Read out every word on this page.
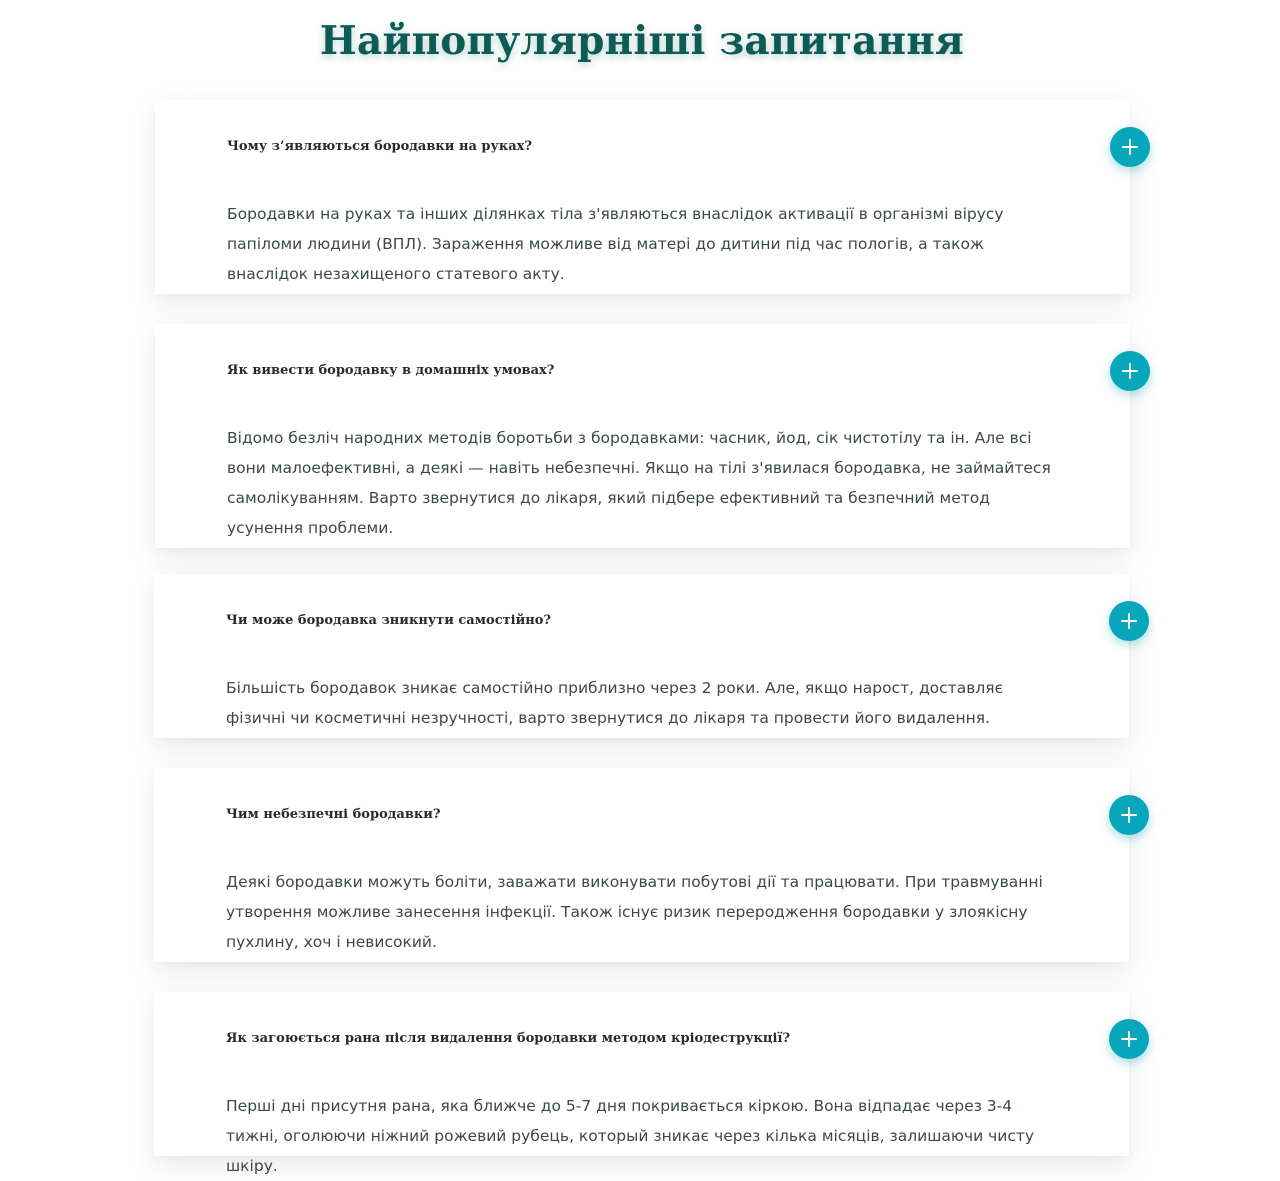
Найпопулярніші запитання
Чому з’являються бородавки на руках?

Бородавки на руках та інших ділянках тіла з'являються внаслідок активації в організмі вірусу папіломи людини (ВПЛ). Зараження можливе від матері до дитини під час пологів, а також внаслідок незахищеного статевого акту.

Як вивести бородавку в домашніх умовах?

Відомо безліч народних методів боротьби з бородавками: часник, йод, сік чистотілу та ін. Але всі вони малоефективні, а деякі — навіть небезпечні. Якщо на тілі з'явилася бородавка, не займайтеся самолікуванням. Варто звернутися до лікаря, який підбере ефективний та безпечний метод усунення проблеми.

Чи може бородавка зникнути самостійно?

Більшість бородавок зникає самостійно приблизно через 2 роки. Але, якщо нарост, доставляє фізичні чи косметичні незручності, варто звернутися до лікаря та провести його видалення.

Чим небезпечні бородавки?

Деякі бородавки можуть боліти, заважати виконувати побутові дії та працювати. При травмуванні утворення можливе занесення інфекції. Також існує ризик переродження бородавки у злоякісну пухлину, хоч і невисокий.

Як загоюється рана після видалення бородавки методом кріодеструкції?

Перші дні присутня рана, яка ближче до 5-7 дня покривається кіркою. Вона відпадає через 3-4 тижні, оголюючи ніжний рожевий рубець, который зникає через кілька місяців, залишаючи чисту шкіру.
